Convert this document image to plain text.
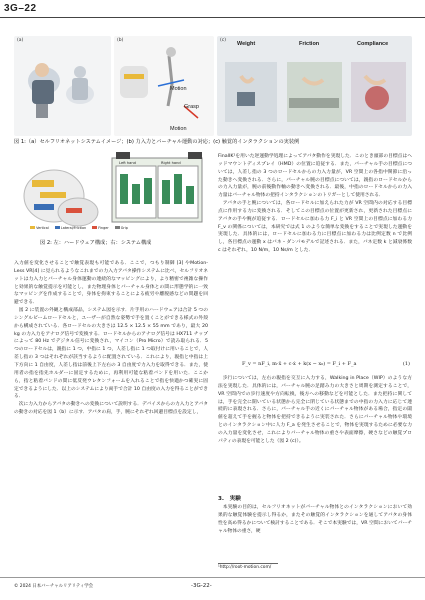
3G–22
(a)	(b)
Motion
Grasp
Motion
(c)
Weight	Friction	Compliance
図 1:（a）セルフリオネットシステムイメージ；(b) 力入力とバーチャル運動の対応；(c) 触覚的インタラクションの実装例
Left hand	Right hand
Vertical	Lateral/Friction	Finger	Grip
図 2: 左：ハードウェア構成；右：システム構成

入力値を変化させることで触覚表現も可能である．ここで，つもり制御 [3] やMotion-Less VR[4] に見られるようなこれまでの力入力アバタ操作システムに比べ，セルフリオネットは力入力とバーチャル身体運動の連続的なマッピングにより，より精密で複雑な操作と効果的な触覚提示を可能とし，また物理身体とバーチャル身体との間に形態学的に一致なマッピングを作成することで，身体を拘束することによる疲労や離脱感などの問題を回避できる．

図 2 に装置の外観と構成部品，システム図を示す．片手用のハードウェアは合計 5 つのシングルビームロードセルと，ユーザーが自然な姿勢で手を置くことができる様式の外殻から構成されている．各ロードセルの大きさは 12.5 × 12.5 × 55 mm であり，最大 20 kg の力入力をアナログ信号で変換する．ロードセルからのアナログ信号は HX711 チップによって 80 Hz でデジタル信号に変換され，マイコン（Pro Micro）で読み取られる．5 つのロードセルは，親指に 1 つ，中指に 1 つ，人差し指に 1 つ取付けに用いることで，人差し指の 3 つはそれぞれが該当するように配置されている．これにより，親指と中指は上下方向に 1 自由度，人差し指は前後上下左右の 3 自由度で力入力を取得できる．また，使用者の指を指先ホルダーに固定するために，再利用可能な粘着バンドを用いた．ここから，指と粘着バンドの間に低反発ウレタンフォームを入れることで指を快適かつ確実に固定できるようにした．以上のシステムにより両手で合計 10 自由度の入力を得ることができる．

次に力入力からアバタの動きへの変換について説明する．デバイスからの力入力とアバタの動きの対応を図 1（b）に示す．アバタの肩，手，腕にそれぞれ回避目標点を設定し，

FinalIK¹を用いた逆運動学処理によってアバタ動作を実現した．このとき頭部の目標点はヘッドマウントディスプレイ（HMD）の位置に追従する．また，バーチャル手の目標点については，人差し指の 3 つのロードセルからの力入力量が，VR 空間上の各指中関節に沿った動きへ変換される．さらに，バーチャル腕の目標点については，親指のロードセルからの力入力量が，腕の前後動作軸の動きへ変換される．最後，中指のロードセルからの力入力量はバーチャル物体の把持インタラクションのトリガーとして使用される．

アバタの手と腕については，各ロードセルに加えられた力が VR 空間内の対応する目標点に作用する力に変換される．そしてこの目標点の位置が更新され，更新された目標点にアバタの手や腕が追従する．ロードセルに加わる力 F_i と VR 空間上の目標点に加わる力 F_v の関係については，本研究では式 1 のような簡単な変換をすることで実現した運動を実現した．具体的には，ロードセルに加わる力に目標点に加わる力は比例定数 n で比例し，各目標点の運動 x はバネ・ダンパモデルで記述される．また，バネ定数 k と減衰係数 c はそれぞれ，10 N/m，10 Ns/m とした．

F_v = nF_i, m·ẍ + c·ẋ + k(x − x₀) = F_i + F_a	(1)

歩行については，左右の親指を交互に入力する，Walking in Place（WIP）のような方法を実現した．具体的には，バーチャル腕の足踏み力の大きさと周期を測定することで，VR 空間内での歩行速度や方向転換，後方への移動などを可能とした．また把持に関しては，手を完全に開いている状態から完全に閉じている状態までの中指の力入力に応じて連続的に表現される．さらに，バーチャル手の近くにバーチャル物体がある場合，指定の閾値を超えて手を握ると物体を把持できるように実装された．さらにバーチャル物体や環境とのインタラクション中に人力 F_a を発生させることで，物体を実現するために必要な力の入力量を変化させ，これによりバーチャル物体の重さや表面摩擦，硬さなどの触覚プロパティの表現を可能とした（図 2 (c)）。

3.　実験

本実験の目的は，セルフリオネットがバーチャル物体とのインタラクションにおいて効果的な触覚体験を提示し得るか，またその触覚的インタラクションを通してアバタの身体性を高め得るかについて検討することである．そこで本実験では，VR 空間においてバーチャル物体の重さ，硬

¹http://root-motion.com/
© 2024 日本バーチャルリアリティ学会	-3G-22-
